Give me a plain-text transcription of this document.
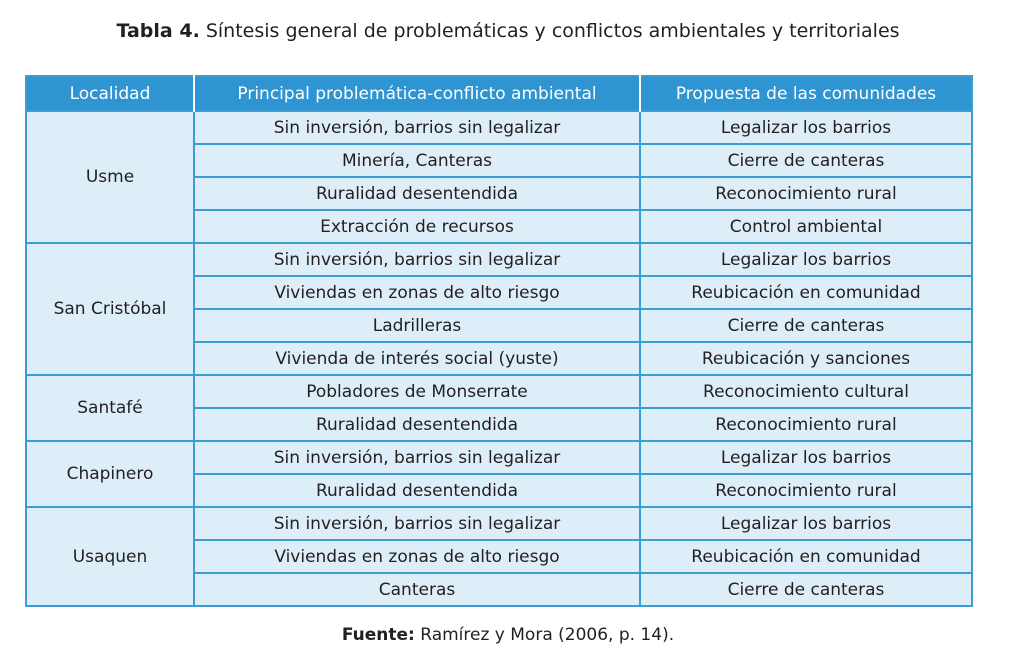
Tabla 4. Síntesis general de problemáticas y conflictos ambientales y territoriales
Localidad	Principal problemática-conflicto ambiental	Propuesta de las comunidades
Usme	Sin inversión, barrios sin legalizar	Legalizar los barrios
	Minería, Canteras	Cierre de canteras
	Ruralidad desentendida	Reconocimiento rural
	Extracción de recursos	Control ambiental
San Cristóbal	Sin inversión, barrios sin legalizar	Legalizar los barrios
	Viviendas en zonas de alto riesgo	Reubicación en comunidad
	Ladrilleras	Cierre de canteras
	Vivienda de interés social (yuste)	Reubicación y sanciones
Santafé	Pobladores de Monserrate	Reconocimiento cultural
	Ruralidad desentendida	Reconocimiento rural
Chapinero	Sin inversión, barrios sin legalizar	Legalizar los barrios
	Ruralidad desentendida	Reconocimiento rural
Usaquen	Sin inversión, barrios sin legalizar	Legalizar los barrios
	Viviendas en zonas de alto riesgo	Reubicación en comunidad
	Canteras	Cierre de canteras
Fuente: Ramírez y Mora (2006, p. 14).
